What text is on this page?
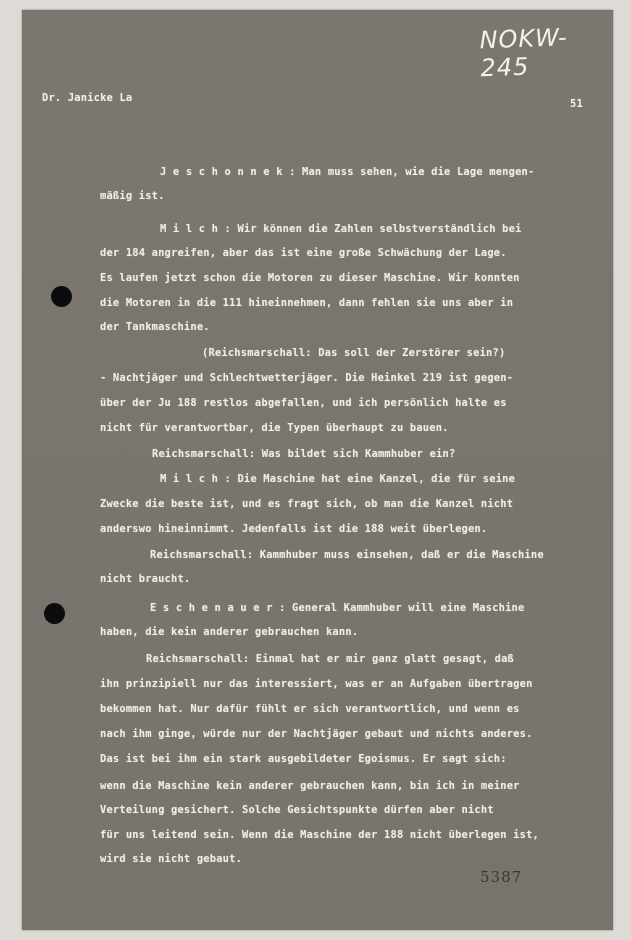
NOKW-245
Dr. Janicke La	51
J e s c h o n n e k : Man muss sehen, wie die Lage mengen-
mäßig ist.
M i l c h : Wir können die Zahlen selbstverständlich bei
der 184 angreifen, aber das ist eine große Schwächung der Lage.
Es laufen jetzt schon die Motoren zu dieser Maschine. Wir konnten
die Motoren in die 111 hineinnehmen, dann fehlen sie uns aber in
der Tankmaschine.
(Reichsmarschall: Das soll der Zerstörer sein?)
- Nachtjäger und Schlechtwetterjäger. Die Heinkel 219 ist gegen-
über der Ju 188 restlos abgefallen, und ich persönlich halte es
nicht für verantwortbar, die Typen überhaupt zu bauen.
Reichsmarschall: Was bildet sich Kammhuber ein?
M i l c h : Die Maschine hat eine Kanzel, die für seine
Zwecke die beste ist, und es fragt sich, ob man die Kanzel nicht
anderswo hineinnimmt. Jedenfalls ist die 188 weit überlegen.
Reichsmarschall: Kammhuber muss einsehen, daß er die Maschine
nicht braucht.
E s c h e n a u e r : General Kammhuber will eine Maschine
haben, die kein anderer gebrauchen kann.
Reichsmarschall: Einmal hat er mir ganz glatt gesagt, daß
ihn prinzipiell nur das interessiert, was er an Aufgaben übertragen
bekommen hat. Nur dafür fühlt er sich verantwortlich, und wenn es
nach ihm ginge, würde nur der Nachtjäger gebaut und nichts anderes.
Das ist bei ihm ein stark ausgebildeter Egoismus. Er sagt sich:
wenn die Maschine kein anderer gebrauchen kann, bin ich in meiner
Verteilung gesichert. Solche Gesichtspunkte dürfen aber nicht
für uns leitend sein. Wenn die Maschine der 188 nicht überlegen ist,
wird sie nicht gebaut.
5387
